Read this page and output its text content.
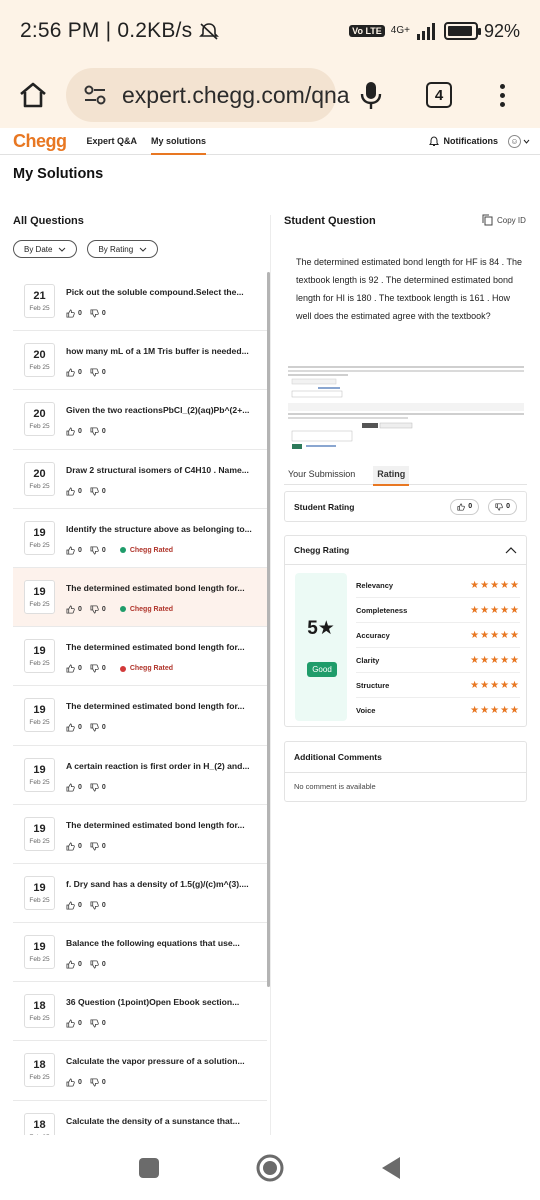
2:56 PM | 0.2KB/s	Vo LTE 4G+	92%
expert.chegg.com/qna	4
Chegg Expert Q&A My solutions	Notifications	☺
My Solutions
All Questions
By Date	By Rating
21
Feb 25
Pick out the soluble compound.Select the...
0	0
20
Feb 25
how many mL of a 1M Tris buffer is needed...
0	0
20
Feb 25
Given the two reactionsPbCl_(2)(aq)Pb^(2+...
0	0
20
Feb 25
Draw 2 structural isomers of C4H10 . Name...
0	0
19
Feb 25
Identify the structure above as belonging to...
0	0	Chegg Rated
19
Feb 25
The determined estimated bond length for...
0	0	Chegg Rated
19
Feb 25
The determined estimated bond length for...
0	0	Chegg Rated
19
Feb 25
The determined estimated bond length for...
0	0
19
Feb 25
A certain reaction is first order in H_(2) and...
0	0
19
Feb 25
The determined estimated bond length for...
0	0
19
Feb 25
f. Dry sand has a density of 1.5(g)/(c)m^(3)....
0	0
19
Feb 25
Balance the following equations that use...
0	0
18
Feb 25
36 Question (1point)Open Ebook section...
0	0
18
Feb 25
Calculate the vapor pressure of a solution...
0	0
18	Calculate the density of a sunstance that...
Student Question	Copy ID
The determined estimated bond length for HF is 84 . The textbook length is 92 . The determined estimated bond length for HI is 180 . The textbook length is 161 . How well does the estimated agree with the textbook?
Your Submission	Rating
Student Rating	0	0
Chegg Rating
5★
Good
Relevancy	★★★★★
Completeness	★★★★★
Accuracy	★★★★★
Clarity	★★★★★
Structure	★★★★★
Voice	★★★★★
Additional Comments
No comment is available
